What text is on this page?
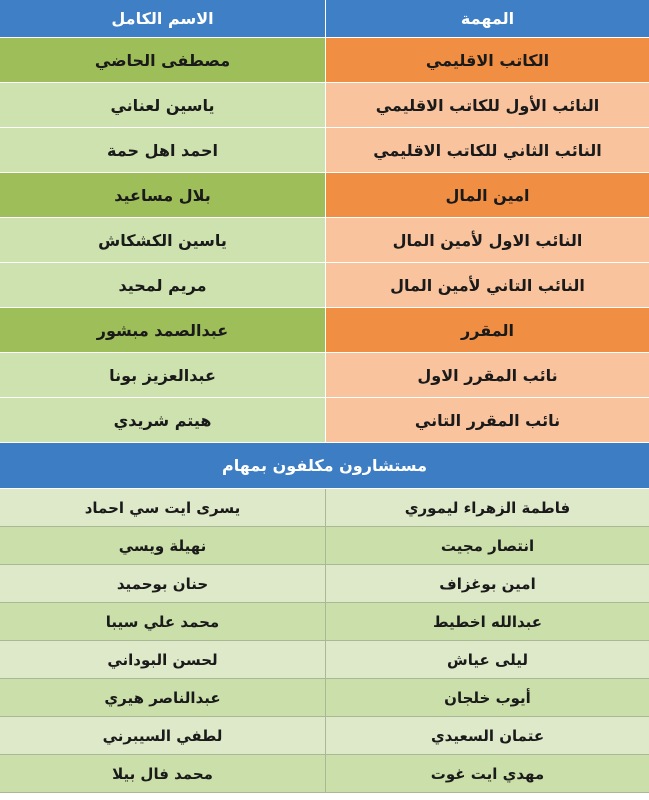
الاسم الكامل	المهمة
مصطفى الحاضي	الكاتب الاقليمي
ياسين لعناني	النائب الأول للكاتب الاقليمي
احمد اهل حمة	النائب الثاني للكاتب الاقليمي
بلال مساعيد	امين المال
ياسين الكشكاش	النائب الاول لأمين المال
مريم لمحيد	النائب التاني لأمين المال
عبدالصمد مبشور	المقرر
عبدالعزيز بونا	نائب المقرر الاول
هيتم شريدي	نائب المقرر التاني
مستشارون مكلفون بمهام
يسرى ايت سي احماد	فاطمة الزهراء ليموري
نهيلة ويسي	انتصار مجيت
حنان بوحميد	امين بوغزاف
محمد علي سيبا	عبدالله اخطيط
لحسن البوداني	ليلى عياش
عبدالناصر هيري	أيوب خلجان
لطفي السيبرني	عتمان السعيدي
محمد فال بيلا	مهدي ايت غوت
